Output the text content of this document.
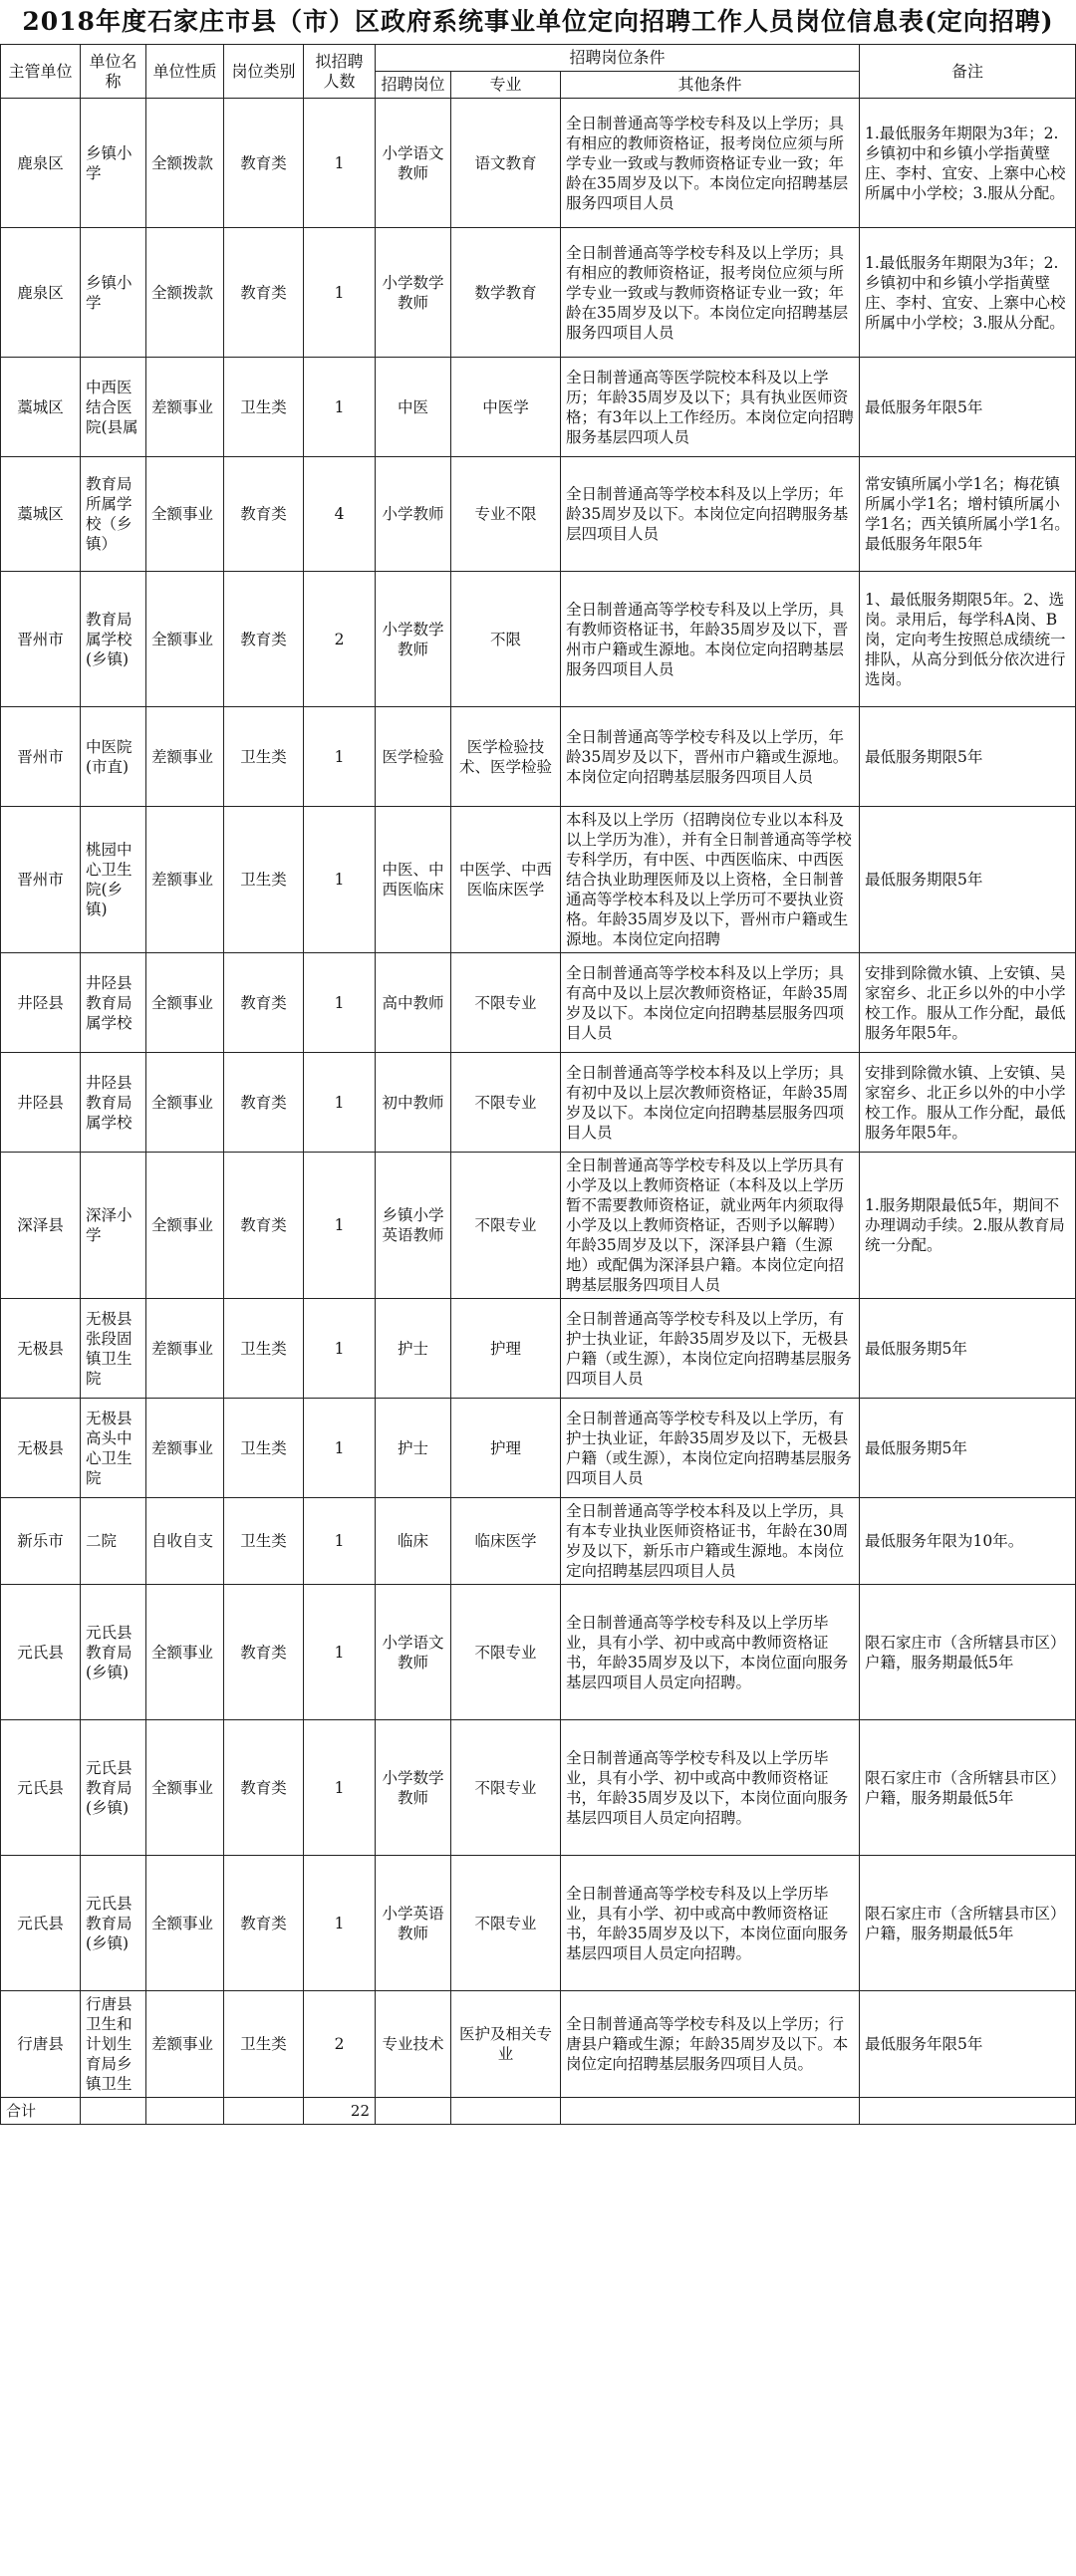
2018年度石家庄市县（市）区政府系统事业单位定向招聘工作人员岗位信息表(定向招聘)
主管单位	单位名称	单位性质	岗位类别	拟招聘人数	招聘岗位条件			备注
					招聘岗位	专业	其他条件	
鹿泉区	乡镇小学	全额拨款	教育类	1	小学语文教师	语文教育	全日制普通高等学校专科及以上学历；具有相应的教师资格证，报考岗位应须与所学专业一致或与教师资格证专业一致；年龄在35周岁及以下。本岗位定向招聘基层服务四项目人员	1.最低服务年期限为3年；2.乡镇初中和乡镇小学指黄壁庄、李村、宜安、上寨中心校所属中小学校；3.服从分配。
鹿泉区	乡镇小学	全额拨款	教育类	1	小学数学教师	数学教育	全日制普通高等学校专科及以上学历；具有相应的教师资格证，报考岗位应须与所学专业一致或与教师资格证专业一致；年龄在35周岁及以下。本岗位定向招聘基层服务四项目人员	1.最低服务年期限为3年；2.乡镇初中和乡镇小学指黄壁庄、李村、宜安、上寨中心校所属中小学校；3.服从分配。
藁城区	中西医结合医院(县属	差额事业	卫生类	1	中医	中医学	全日制普通高等医学院校本科及以上学历；年龄35周岁及以下；具有执业医师资格；有3年以上工作经历。本岗位定向招聘服务基层四项人员	最低服务年限5年
藁城区	教育局所属学校（乡镇）	全额事业	教育类	4	小学教师	专业不限	全日制普通高等学校本科及以上学历；年龄35周岁及以下。本岗位定向招聘服务基层四项目人员	常安镇所属小学1名；梅花镇所属小学1名；增村镇所属小学1名；西关镇所属小学1名。最低服务年限5年
晋州市	教育局属学校(乡镇)	全额事业	教育类	2	小学数学教师	不限	全日制普通高等学校专科及以上学历，具有教师资格证书，年龄35周岁及以下，晋州市户籍或生源地。本岗位定向招聘基层服务四项目人员	1、最低服务期限5年。2、选岗。录用后，每学科A岗、B岗，定向考生按照总成绩统一排队，从高分到低分依次进行选岗。
晋州市	中医院(市直)	差额事业	卫生类	1	医学检验	医学检验技术、医学检验	全日制普通高等学校专科及以上学历，年龄35周岁及以下，晋州市户籍或生源地。本岗位定向招聘基层服务四项目人员	最低服务期限5年
晋州市	桃园中心卫生院(乡镇)	差额事业	卫生类	1	中医、中西医临床	中医学、中西医临床医学	本科及以上学历（招聘岗位专业以本科及以上学历为准），并有全日制普通高等学校专科学历，有中医、中西医临床、中西医结合执业助理医师及以上资格，全日制普通高等学校本科及以上学历可不要执业资格。年龄35周岁及以下，晋州市户籍或生源地。本岗位定向招聘	最低服务期限5年
井陉县	井陉县教育局属学校	全额事业	教育类	1	高中教师	不限专业	全日制普通高等学校本科及以上学历；具有高中及以上层次教师资格证，年龄35周岁及以下。本岗位定向招聘基层服务四项目人员	安排到除微水镇、上安镇、吴家窑乡、北正乡以外的中小学校工作。服从工作分配，最低服务年限5年。
井陉县	井陉县教育局属学校	全额事业	教育类	1	初中教师	不限专业	全日制普通高等学校本科及以上学历；具有初中及以上层次教师资格证，年龄35周岁及以下。本岗位定向招聘基层服务四项目人员	安排到除微水镇、上安镇、吴家窑乡、北正乡以外的中小学校工作。服从工作分配，最低服务年限5年。
深泽县	深泽小学	全额事业	教育类	1	乡镇小学英语教师	不限专业	全日制普通高等学校专科及以上学历具有小学及以上教师资格证（本科及以上学历暂不需要教师资格证，就业两年内须取得小学及以上教师资格证，否则予以解聘）年龄35周岁及以下，深泽县户籍（生源地）或配偶为深泽县户籍。本岗位定向招聘基层服务四项目人员	1.服务期限最低5年，期间不办理调动手续。2.服从教育局统一分配。
无极县	无极县张段固镇卫生院	差额事业	卫生类	1	护士	护理	全日制普通高等学校专科及以上学历，有护士执业证，年龄35周岁及以下，无极县户籍（或生源），本岗位定向招聘基层服务四项目人员	最低服务期5年
无极县	无极县高头中心卫生院	差额事业	卫生类	1	护士	护理	全日制普通高等学校专科及以上学历，有护士执业证，年龄35周岁及以下，无极县户籍（或生源），本岗位定向招聘基层服务四项目人员	最低服务期5年
新乐市	二院	自收自支	卫生类	1	临床	临床医学	全日制普通高等学校本科及以上学历，具有本专业执业医师资格证书，年龄在30周岁及以下，新乐市户籍或生源地。本岗位定向招聘基层四项目人员	最低服务年限为10年。
元氏县	元氏县教育局(乡镇)	全额事业	教育类	1	小学语文教师	不限专业	全日制普通高等学校专科及以上学历毕业，具有小学、初中或高中教师资格证书，年龄35周岁及以下，本岗位面向服务基层四项目人员定向招聘。	限石家庄市（含所辖县市区）户籍，服务期最低5年
元氏县	元氏县教育局(乡镇)	全额事业	教育类	1	小学数学教师	不限专业	全日制普通高等学校专科及以上学历毕业，具有小学、初中或高中教师资格证书，年龄35周岁及以下，本岗位面向服务基层四项目人员定向招聘。	限石家庄市（含所辖县市区）户籍，服务期最低5年
元氏县	元氏县教育局(乡镇)	全额事业	教育类	1	小学英语教师	不限专业	全日制普通高等学校专科及以上学历毕业，具有小学、初中或高中教师资格证书，年龄35周岁及以下，本岗位面向服务基层四项目人员定向招聘。	限石家庄市（含所辖县市区）户籍，服务期最低5年
行唐县	行唐县卫生和计划生育局乡镇卫生	差额事业	卫生类	2	专业技术	医护及相关专业	全日制普通高等学校专科及以上学历；行唐县户籍或生源；年龄35周岁及以下。本岗位定向招聘基层服务四项目人员。	最低服务年限5年
合计				22				
